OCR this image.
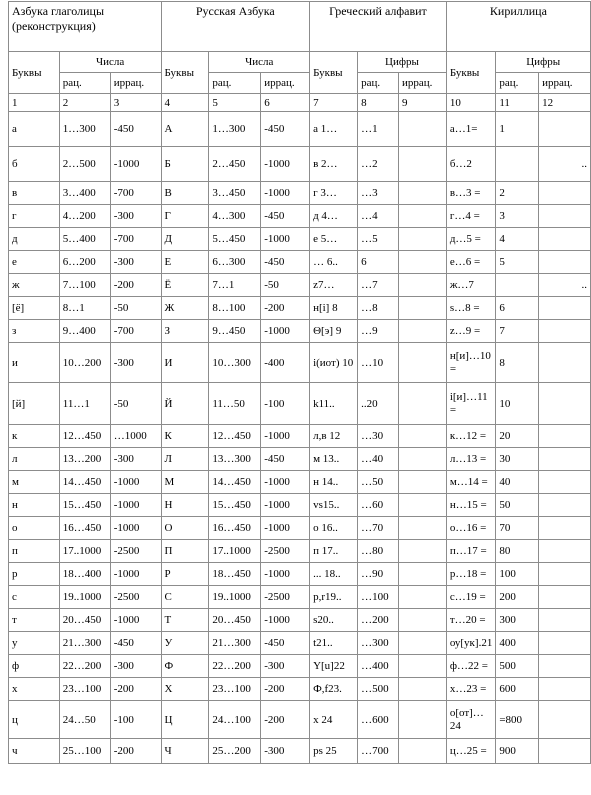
Азбука глаголицы (реконструкция)			Русская Азбука			Греческий алфавит			Кириллица		
Буквы	Числа		Буквы	Числа		Буквы	Цифры		Буквы	Цифры	
	рац.	иррац.		рац.	иррац.		рац.	иррац.		рац.	иррац.
1	2	3	4	5	6	7	8	9	10	11	12
а	1…300	-450	А	1…300	-450	а 1…	…1		а…1=	1	
б	2…500	-1000	Б	2…450	-1000	в 2…	…2		б…2		..
в	3…400	-700	В	3…450	-1000	г 3…	…3		в…3 =	2	
г	4…200	-300	Г	4…300	-450	д 4…	…4		г…4 =	3	
д	5…400	-700	Д	5…450	-1000	е 5…	…5		д…5 =	4	
е	6…200	-300	Е	6…300	-450	… 6..	6		е…6 =	5	
ж	7…100	-200	Ё	7…1	-50	z7…	…7		ж…7		..
[ё]	8…1	-50	Ж	8…100	-200	н[i] 8	…8		s…8 =	6	
з	9…400	-700	З	9…450	-1000	Θ[э] 9	…9		z…9 =	7	
и	10…200	-300	И	10…300	-400	i(иот) 10	…10		н[и]…10 =	8	
[й]	11…1	-50	Й	11…50	-100	k11..	..20		i[и]…11 =	10	
к	12…450	…1000	К	12…450	-1000	л,в 12	…30		к…12 =	20	
л	13…200	-300	Л	13…300	-450	м 13..	…40		л…13 =	30	
м	14…450	-1000	М	14…450	-1000	н 14..	…50		м…14 =	40	
н	15…450	-1000	Н	15…450	-1000	vs15..	…60		н…15 =	50	
о	16…450	-1000	О	16…450	-1000	о 16..	…70		о…16 =	70	
п	17..1000	-2500	П	17..1000	-2500	п 17..	…80		п…17 =	80	
р	18…400	-1000	Р	18…450	-1000	... 18..	…90		р…18 =	100	
с	19..1000	-2500	С	19..1000	-2500	p,r19..	…100		с…19 =	200	
т	20…450	-1000	Т	20…450	-1000	s20..	…200		т…20 =	300	
у	21…300	-450	У	21…300	-450	t21..	…300		оу[ук].21	400	
ф	22…200	-300	Ф	22…200	-300	Y[u]22	…400		ф…22 =	500	
х	23…100	-200	Х	23…100	-200	Ф,f23.	…500		х…23 =	600	
ц	24…50	-100	Ц	24…100	-200	x 24	…600		о[от]…24	=800	
ч	25…100	-200	Ч	25…200	-300	ps 25	…700		ц…25 =	900	
